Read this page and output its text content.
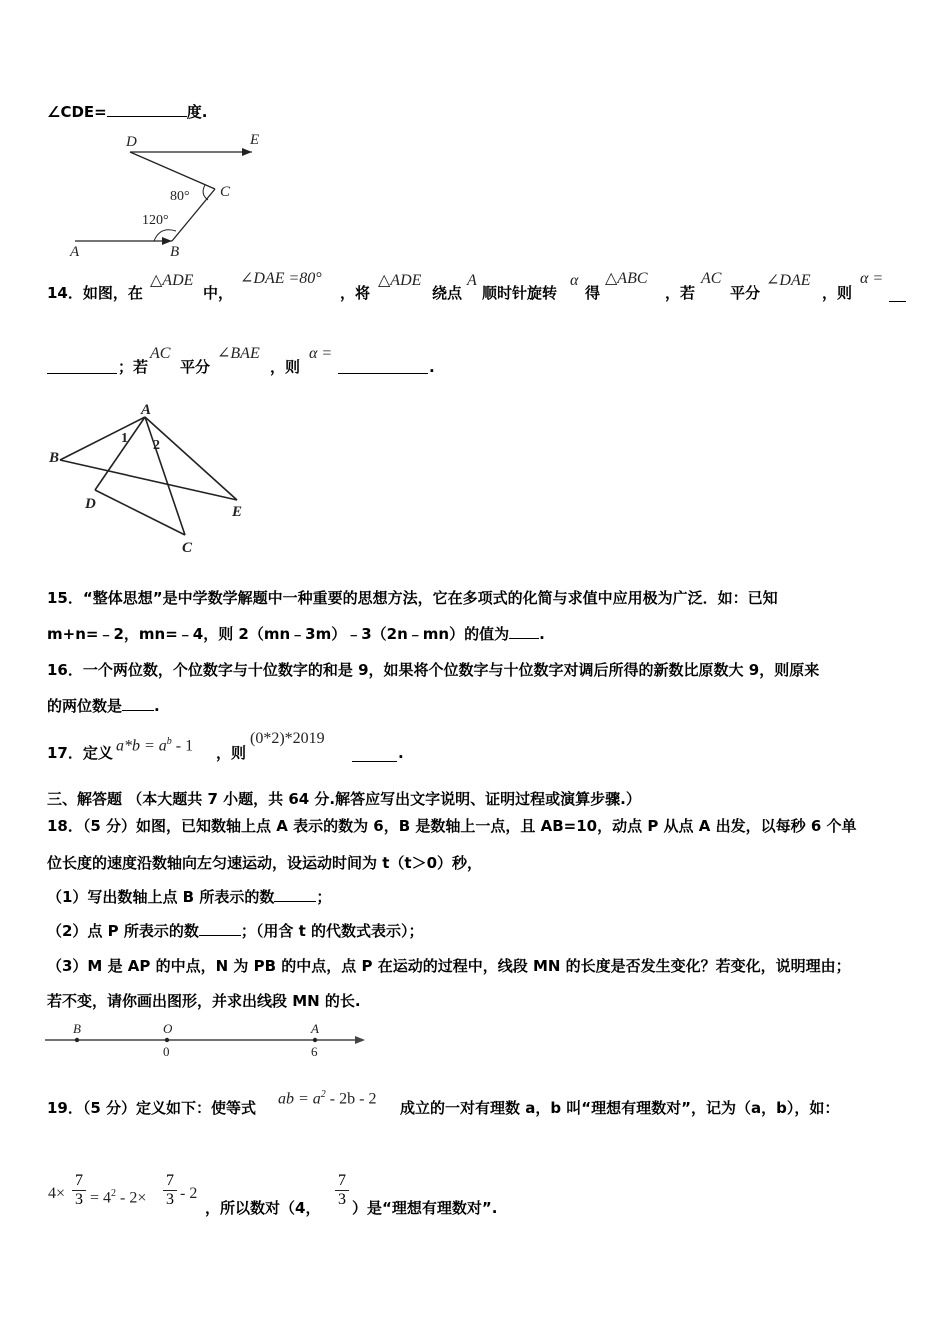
∠CDE=	度.
D	E
C
A	B
80°
120°
14．如图，在
△ADE
中，
∠DAE =80°
，将
△ADE
绕点
A
顺时针旋转
α
得
△ABC
，若
AC
平分
∠DAE
，则
α =
；若
AC
平分
∠BAE
，则
α =
.
A
B
D	E
C
1 2
15．“整体思想”是中学数学解题中一种重要的思想方法，它在多项式的化简与求值中应用极为广泛．如：已知
m+n=﹣2，mn=﹣4，则 2（mn﹣3m）﹣3（2n﹣mn）的值为 .
16．一个两位数，个位数字与十位数字的和是 9，如果将个位数字与十位数字对调后所得的新数比原数大 9，则原来
的两位数是 .
17．定义 $a*b = a^b - 1$ ，则
(0*2)*2019
.
三、解答题 （本大题共 7 小题，共 64 分.解答应写出文字说明、证明过程或演算步骤.）
18．（5 分）如图，已知数轴上点 A 表示的数为 6，B 是数轴上一点，且 AB=10，动点 P 从点 A 出发，以每秒 6 个单
位长度的速度沿数轴向左匀速运动，设运动时间为 t（t＞0）秒，
（1）写出数轴上点 B 所表示的数	；
（2）点 P 所表示的数	；（用含 t 的代数式表示）；
（3）M 是 AP 的中点，N 为 PB 的中点，点 P 在运动的过程中，线段 MN 的长度是否发生变化？若变化，说明理由；
若不变，请你画出图形，并求出线段 MN 的长.
B	O	A
0	6
19．（5 分）定义如下：使等式
ab = $a^2 - 2b - 2$
成立的一对有理数 a，b 叫“理想有理数对”，记为（a，b），如：
$4\times \frac{7}{3} = 4^2 - 2\times \frac{7}{3} - 2$
，所以数对（4， $\frac{7}{3}$ ）是“理想有理数对”.
